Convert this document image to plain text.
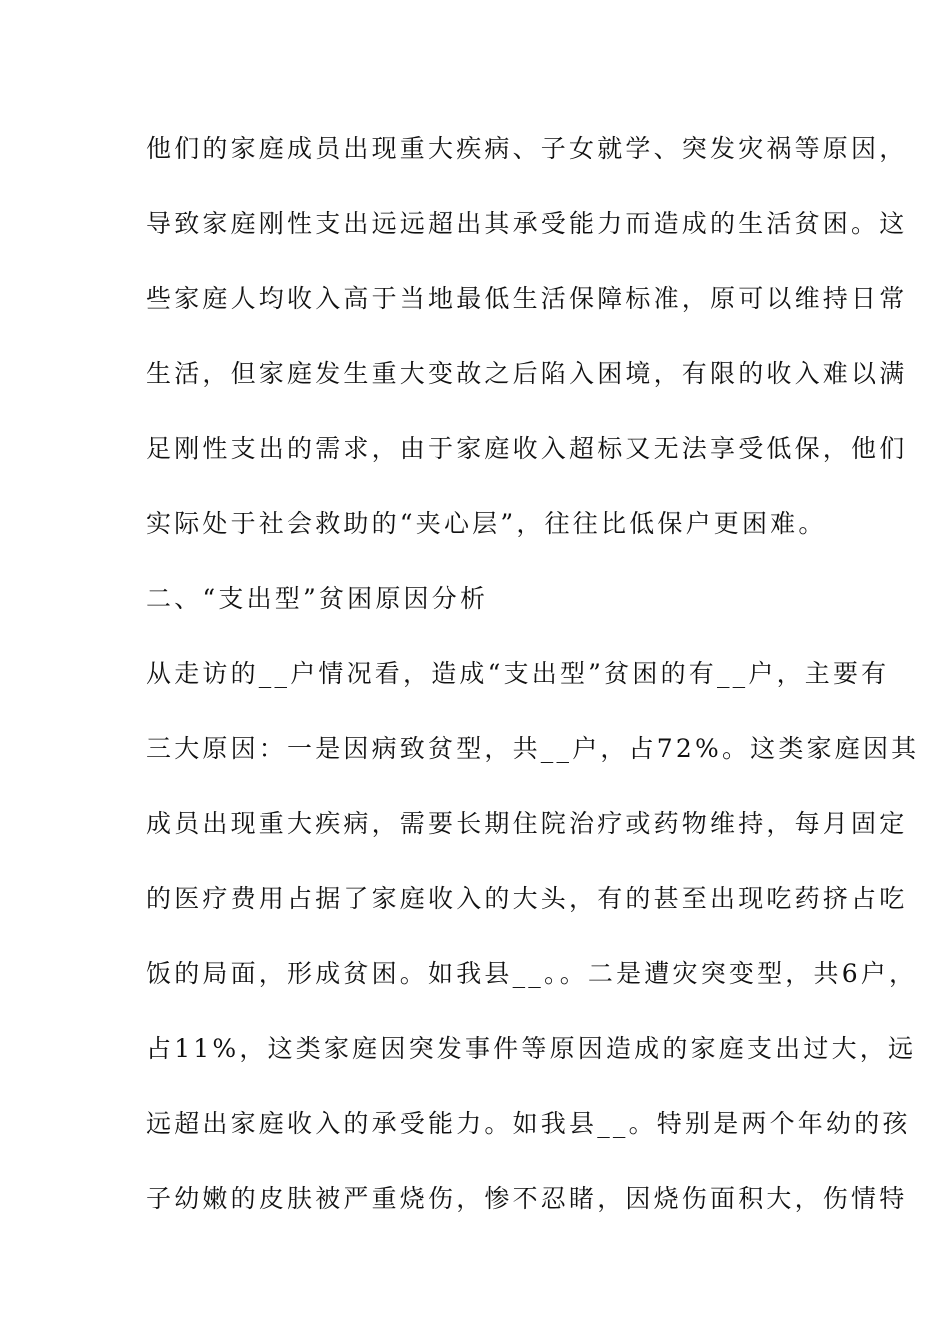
他们的家庭成员出现重大疾病、子女就学、突发灾祸等原因，
导致家庭刚性支出远远超出其承受能力而造成的生活贫困。这
些家庭人均收入高于当地最低生活保障标准，原可以维持日常
生活，但家庭发生重大变故之后陷入困境，有限的收入难以满
足刚性支出的需求，由于家庭收入超标又无法享受低保，他们
实际处于社会救助的“夹心层”，往往比低保户更困难。
二、“支出型”贫困原因分析
从走访的__户情况看，造成“支出型”贫困的有__户，主要有
三大原因：一是因病致贫型，共__户，占72%。这类家庭因其
成员出现重大疾病，需要长期住院治疗或药物维持，每月固定
的医疗费用占据了家庭收入的大头，有的甚至出现吃药挤占吃
饭的局面，形成贫困。如我县__。。二是遭灾突变型，共6户，
占11%，这类家庭因突发事件等原因造成的家庭支出过大，远
远超出家庭收入的承受能力。如我县__。特别是两个年幼的孩
子幼嫩的皮肤被严重烧伤，惨不忍睹，因烧伤面积大，伤情特
